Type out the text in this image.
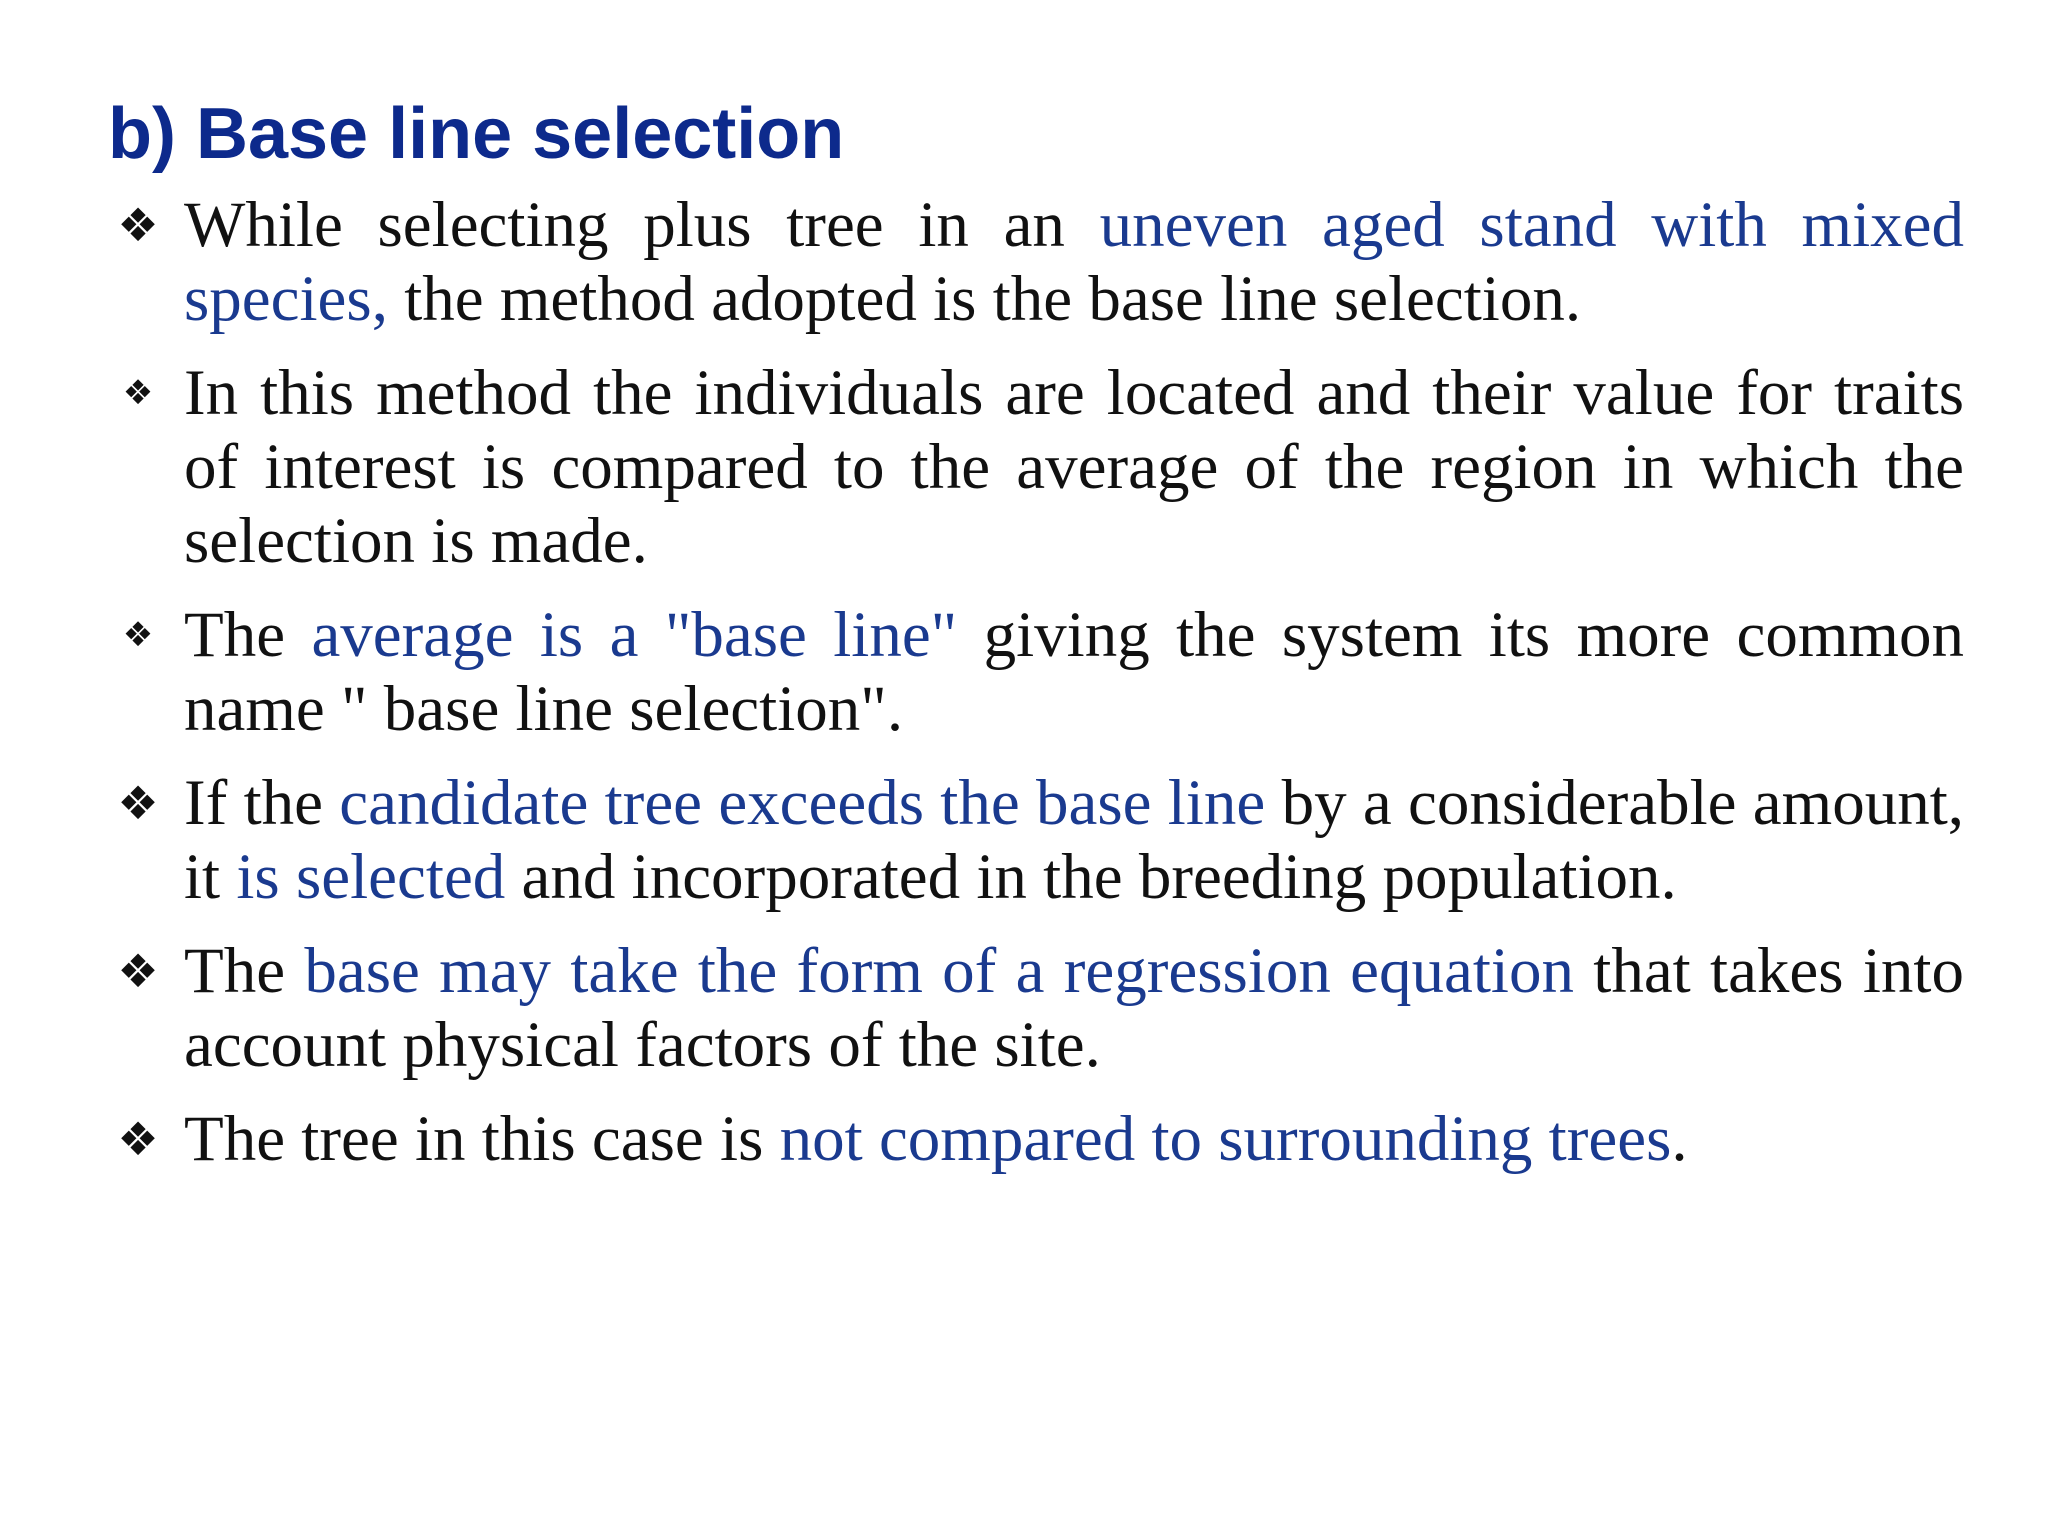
b) Base line selection
❖ While selecting plus tree in an uneven aged stand with mixed species, the method adopted is the base line selection.
❖ In this method the individuals are located and their value for traits of interest is compared to the average of the region in which the selection is made.
❖ The average is a "base line" giving the system its more common name " base line selection".
❖ If the candidate tree exceeds the base line by a considerable amount, it is selected and incorporated in the breeding population.
❖ The base may take the form of a regression equation that takes into account physical factors of the site.
❖ The tree in this case is not compared to surrounding trees.
